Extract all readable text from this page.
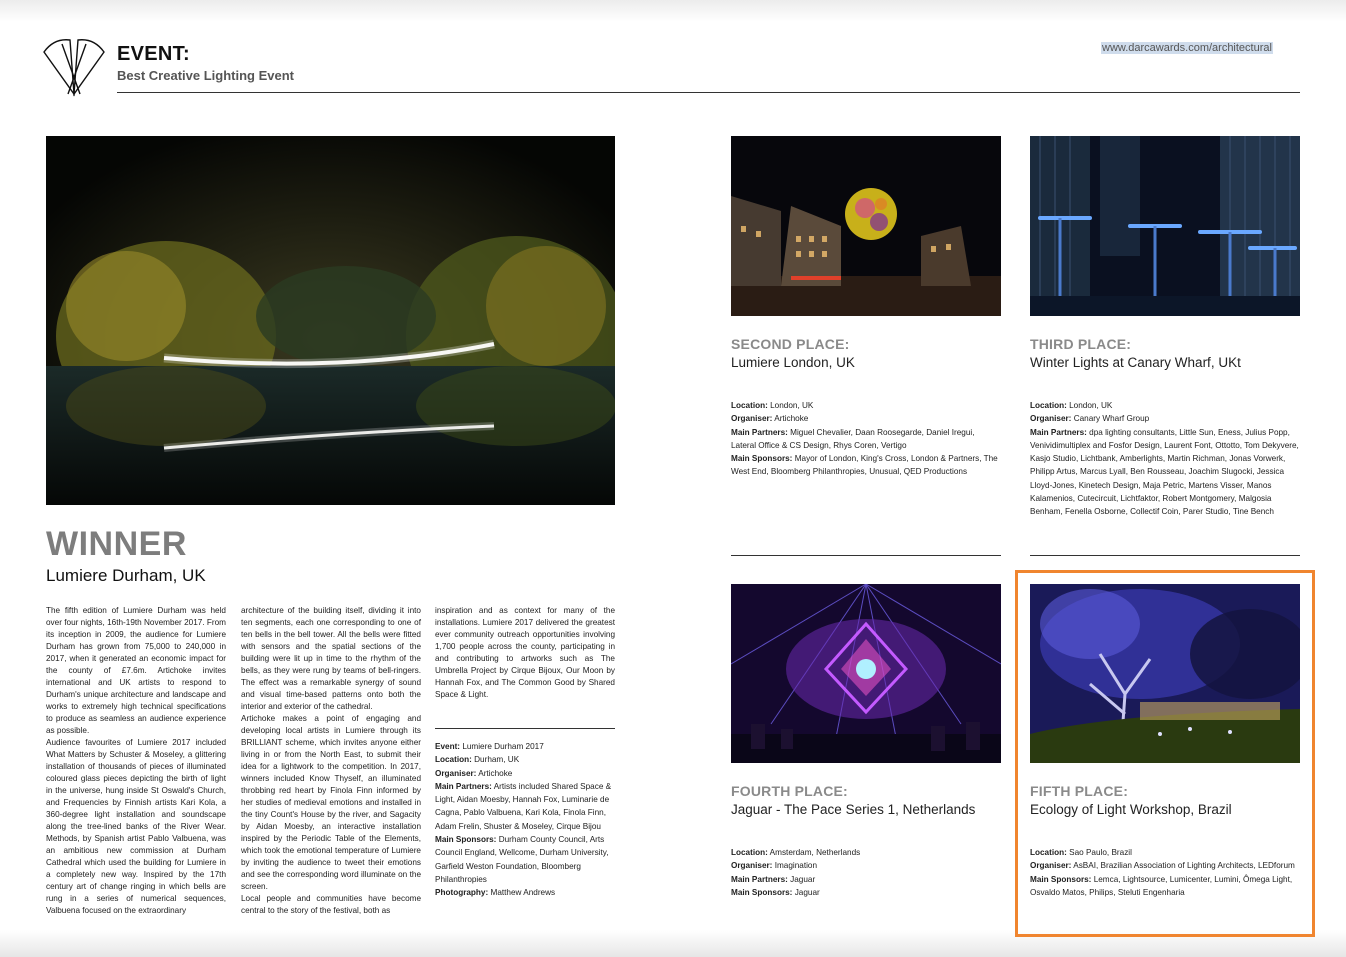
EVENT:
Best Creative Lighting Event
www.darcawards.com/architectural
WINNER
Lumiere Durham, UK

The fifth edition of Lumiere Durham was held over four nights, 16th-19th November 2017. From its inception in 2009, the audience for Lumiere Durham has grown from 75,000 to 240,000 in 2017, when it generated an economic impact for the county of £7.6m. Artichoke invites international and UK artists to respond to Durham's unique architecture and landscape and works to extremely high technical specifications to produce as seamless an audience experience as possible.

Audience favourites of Lumiere 2017 included What Matters by Schuster & Moseley, a glittering installation of thousands of pieces of illuminated coloured glass pieces depicting the birth of light in the universe, hung inside St Oswald's Church, and Frequencies by Finnish artists Kari Kola, a 360-degree light installation and soundscape along the tree-lined banks of the River Wear. Methods, by Spanish artist Pablo Valbuena, was an ambitious new commission at Durham Cathedral which used the building for Lumiere in a completely new way. Inspired by the 17th century art of change ringing in which bells are rung in a series of numerical sequences, Valbuena focused on the extraordinary

architecture of the building itself, dividing it into ten segments, each one corresponding to one of ten bells in the bell tower. All the bells were fitted with sensors and the spatial sections of the building were lit up in time to the rhythm of the bells, as they were rung by teams of bell-ringers. The effect was a remarkable synergy of sound and visual time-based patterns onto both the interior and exterior of the cathedral.

Artichoke makes a point of engaging and developing local artists in Lumiere through its BRILLIANT scheme, which invites anyone either living in or from the North East, to submit their idea for a lightwork to the competition. In 2017, winners included Know Thyself, an illuminated throbbing red heart by Finola Finn informed by her studies of medieval emotions and installed in the tiny Count's House by the river, and Sagacity by Aidan Moesby, an interactive installation inspired by the Periodic Table of the Elements, which took the emotional temperature of Lumiere by inviting the audience to tweet their emotions and see the corresponding word illuminate on the screen.

Local people and communities have become central to the story of the festival, both as

inspiration and as context for many of the installations. Lumiere 2017 delivered the greatest ever community outreach opportunities involving 1,700 people across the county, participating in and contributing to artworks such as The Umbrella Project by Cirque Bijoux, Our Moon by Hannah Fox, and The Common Good by Shared Space & Light.

Event: Lumiere Durham 2017
Location: Durham, UK
Organiser: Artichoke
Main Partners: Artists included Shared Space & Light, Aidan Moesby, Hannah Fox, Luminarie de Cagna, Pablo Valbuena, Kari Kola, Finola Finn, Adam Frelin, Shuster & Moseley, Cirque Bijou
Main Sponsors: Durham County Council, Arts Council England, Wellcome, Durham University, Garfield Weston Foundation, Bloomberg Philanthropies
Photography: Matthew Andrews
SECOND PLACE:
Lumiere London, UK
Location: London, UK
Organiser: Artichoke
Main Partners: Miguel Chevalier, Daan Roosegarde, Daniel Iregui, Lateral Office & CS Design, Rhys Coren, Vertigo
Main Sponsors: Mayor of London, King's Cross, London & Partners, The West End, Bloomberg Philanthropies, Unusual, QED Productions
THIRD PLACE:
Winter Lights at Canary Wharf, UKt
Location: London, UK
Organiser: Canary Wharf Group
Main Partners: dpa lighting consultants, Little Sun, Eness, Julius Popp, Venividimultiplex and Fosfor Design, Laurent Font, Ottotto, Tom Dekyvere, Kasjo Studio, Lichtbank, Amberlights, Martin Richman, Jonas Vorwerk, Philipp Artus, Marcus Lyall, Ben Rousseau, Joachim Slugocki, Jessica Lloyd-Jones, Kinetech Design, Maja Petric, Martens Visser, Manos Kalamenios, Cutecircuit, Lichtfaktor, Robert Montgomery, Malgosia Benham, Fenella Osborne, Collectif Coin, Parer Studio, Tine Bench
FOURTH PLACE:
Jaguar - The Pace Series 1, Netherlands
Location: Amsterdam, Netherlands
Organiser: Imagination
Main Partners: Jaguar
Main Sponsors: Jaguar
FIFTH PLACE:
Ecology of Light Workshop, Brazil
Location: Sao Paulo, Brazil
Organiser: AsBAI, Brazilian Association of Lighting Architects, LEDforum
Main Sponsors: Lemca, Lightsource, Lumicenter, Lumini, Ômega Light, Osvaldo Matos, Philips, Steluti Engenharia
